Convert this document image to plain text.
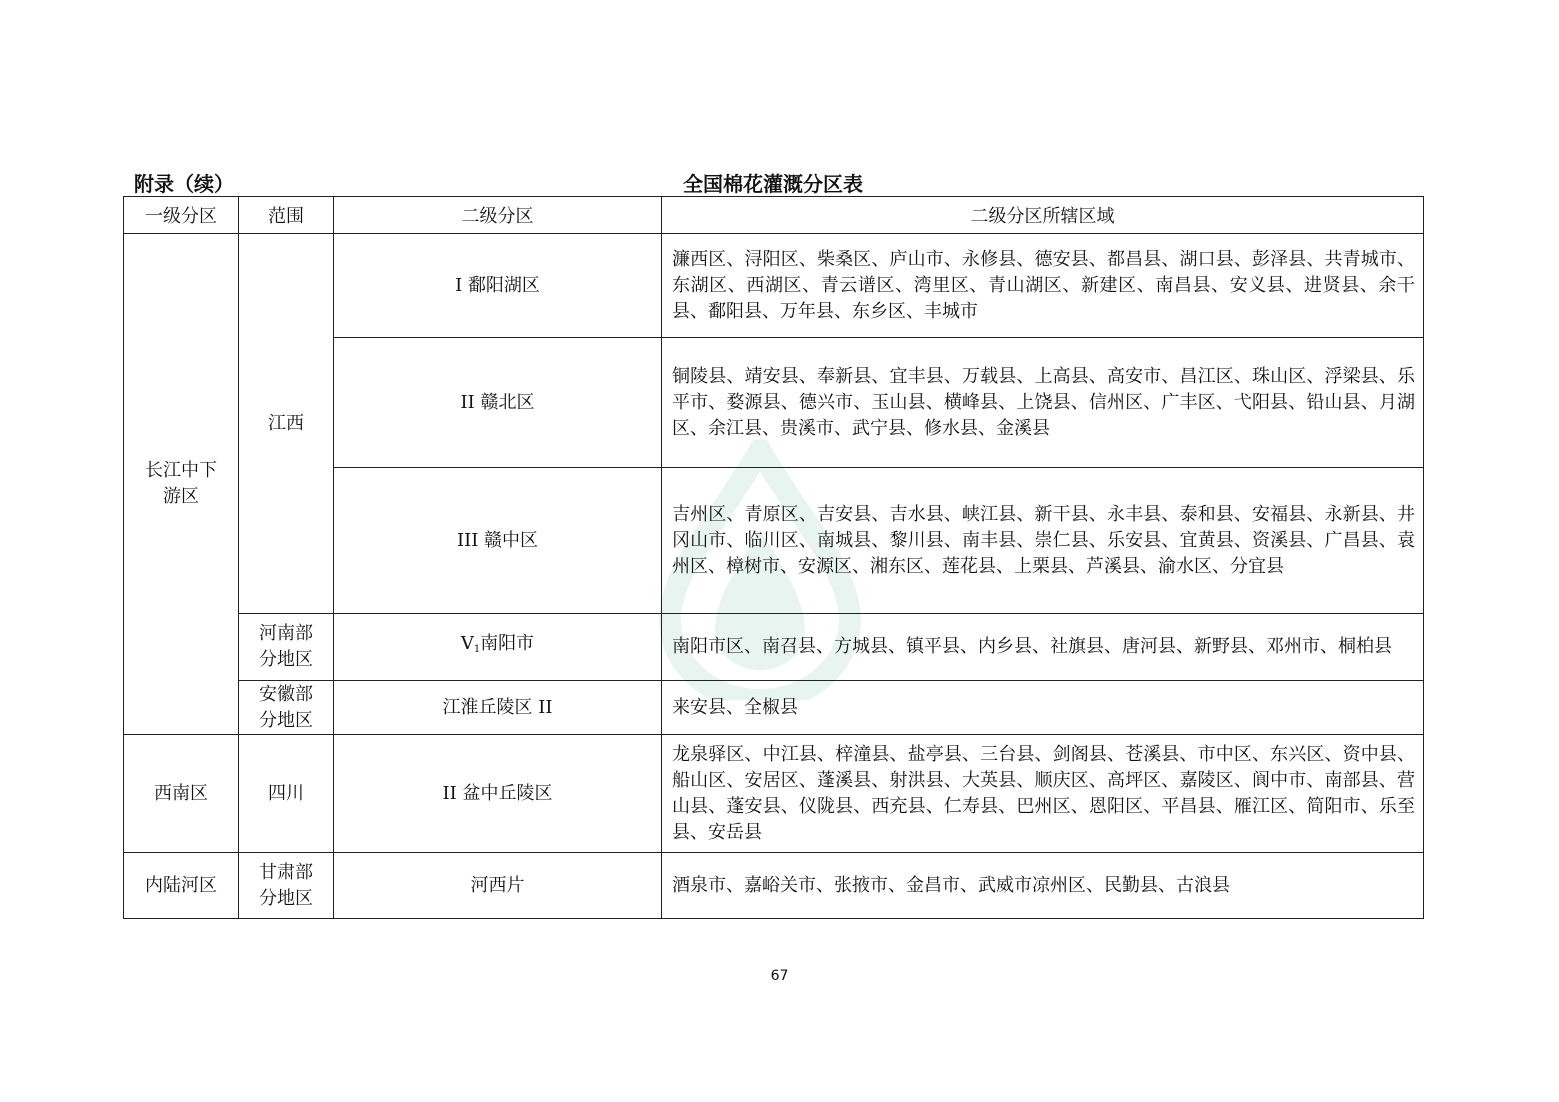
附录（续）	全国棉花灌溉分区表
一级分区	范围	二级分区	二级分区所辖区域

长江中下游区	江西	I 鄱阳湖区	濂西区、浔阳区、柴桑区、庐山市、永修县、德安县、都昌县、湖口县、彭泽县、共青城市、东湖区、西湖区、青云谱区、湾里区、青山湖区、新建区、南昌县、安义县、进贤县、余干县、鄱阳县、万年县、东乡区、丰城市
		II 赣北区	铜陵县、靖安县、奉新县、宜丰县、万载县、上高县、高安市、昌江区、珠山区、浮梁县、乐平市、婺源县、德兴市、玉山县、横峰县、上饶县、信州区、广丰区、弋阳县、铅山县、月湖区、余江县、贵溪市、武宁县、修水县、金溪县
		III 赣中区	吉州区、青原区、吉安县、吉水县、峡江县、新干县、永丰县、泰和县、安福县、永新县、井冈山市、临川区、南城县、黎川县、南丰县、崇仁县、乐安县、宜黄县、资溪县、广昌县、袁州区、樟树市、安源区、湘东区、莲花县、上栗县、芦溪县、渝水区、分宜县

	河南部分地区	$V_1$南阳市	南阳市区、南召县、方城县、镇平县、内乡县、社旗县、唐河县、新野县、邓州市、桐柏县

	安徽部分地区	江淮丘陵区 II	来安县、全椒县
西南区	四川	II 盆中丘陵区	龙泉驿区、中江县、梓潼县、盐亭县、三台县、剑阁县、苍溪县、市中区、东兴区、资中县、船山区、安居区、蓬溪县、射洪县、大英县、顺庆区、高坪区、嘉陵区、阆中市、南部县、营山县、蓬安县、仪陇县、西充县、仁寿县、巴州区、恩阳区、平昌县、雁江区、简阳市、乐至县、安岳县
内陆河区	甘肃部分地区	河西片	酒泉市、嘉峪关市、张掖市、金昌市、武威市凉州区、民勤县、古浪县
67
